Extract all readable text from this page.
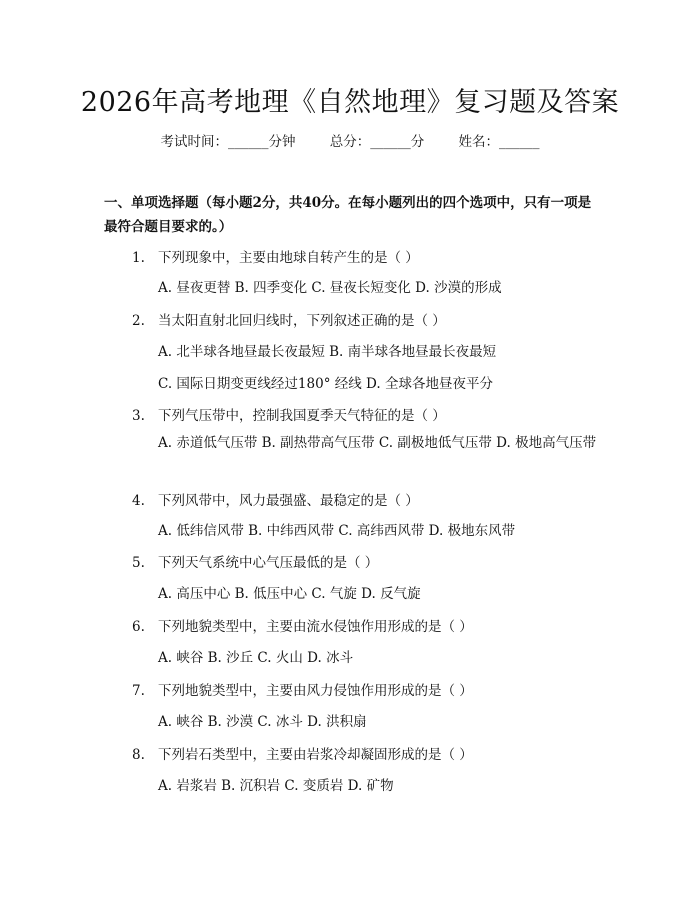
2026年高考地理《自然地理》复习题及答案
考试时间：______分钟	总分：______分	姓名：______
一、单项选择题（每小题2分，共40分。在每小题列出的四个选项中，只有一项是最符合题目要求的。）
1. 下列现象中，主要由地球自转产生的是（ ）
A. 昼夜更替 B. 四季变化 C. 昼夜长短变化 D. 沙漠的形成
2. 当太阳直射北回归线时，下列叙述正确的是（ ）
A. 北半球各地昼最长夜最短 B. 南半球各地昼最长夜最短
C. 国际日期变更线经过180° 经线 D. 全球各地昼夜平分
3. 下列气压带中，控制我国夏季天气特征的是（ ）
A. 赤道低气压带 B. 副热带高气压带 C. 副极地低气压带 D. 极地高气压带
4. 下列风带中，风力最强盛、最稳定的是（ ）
A. 低纬信风带 B. 中纬西风带 C. 高纬西风带 D. 极地东风带
5. 下列天气系统中心气压最低的是（ ）
A. 高压中心 B. 低压中心 C. 气旋 D. 反气旋
6. 下列地貌类型中，主要由流水侵蚀作用形成的是（ ）
A. 峡谷 B. 沙丘 C. 火山 D. 冰斗
7. 下列地貌类型中，主要由风力侵蚀作用形成的是（ ）
A. 峡谷 B. 沙漠 C. 冰斗 D. 洪积扇
8. 下列岩石类型中，主要由岩浆冷却凝固形成的是（ ）
A. 岩浆岩 B. 沉积岩 C. 变质岩 D. 矿物
